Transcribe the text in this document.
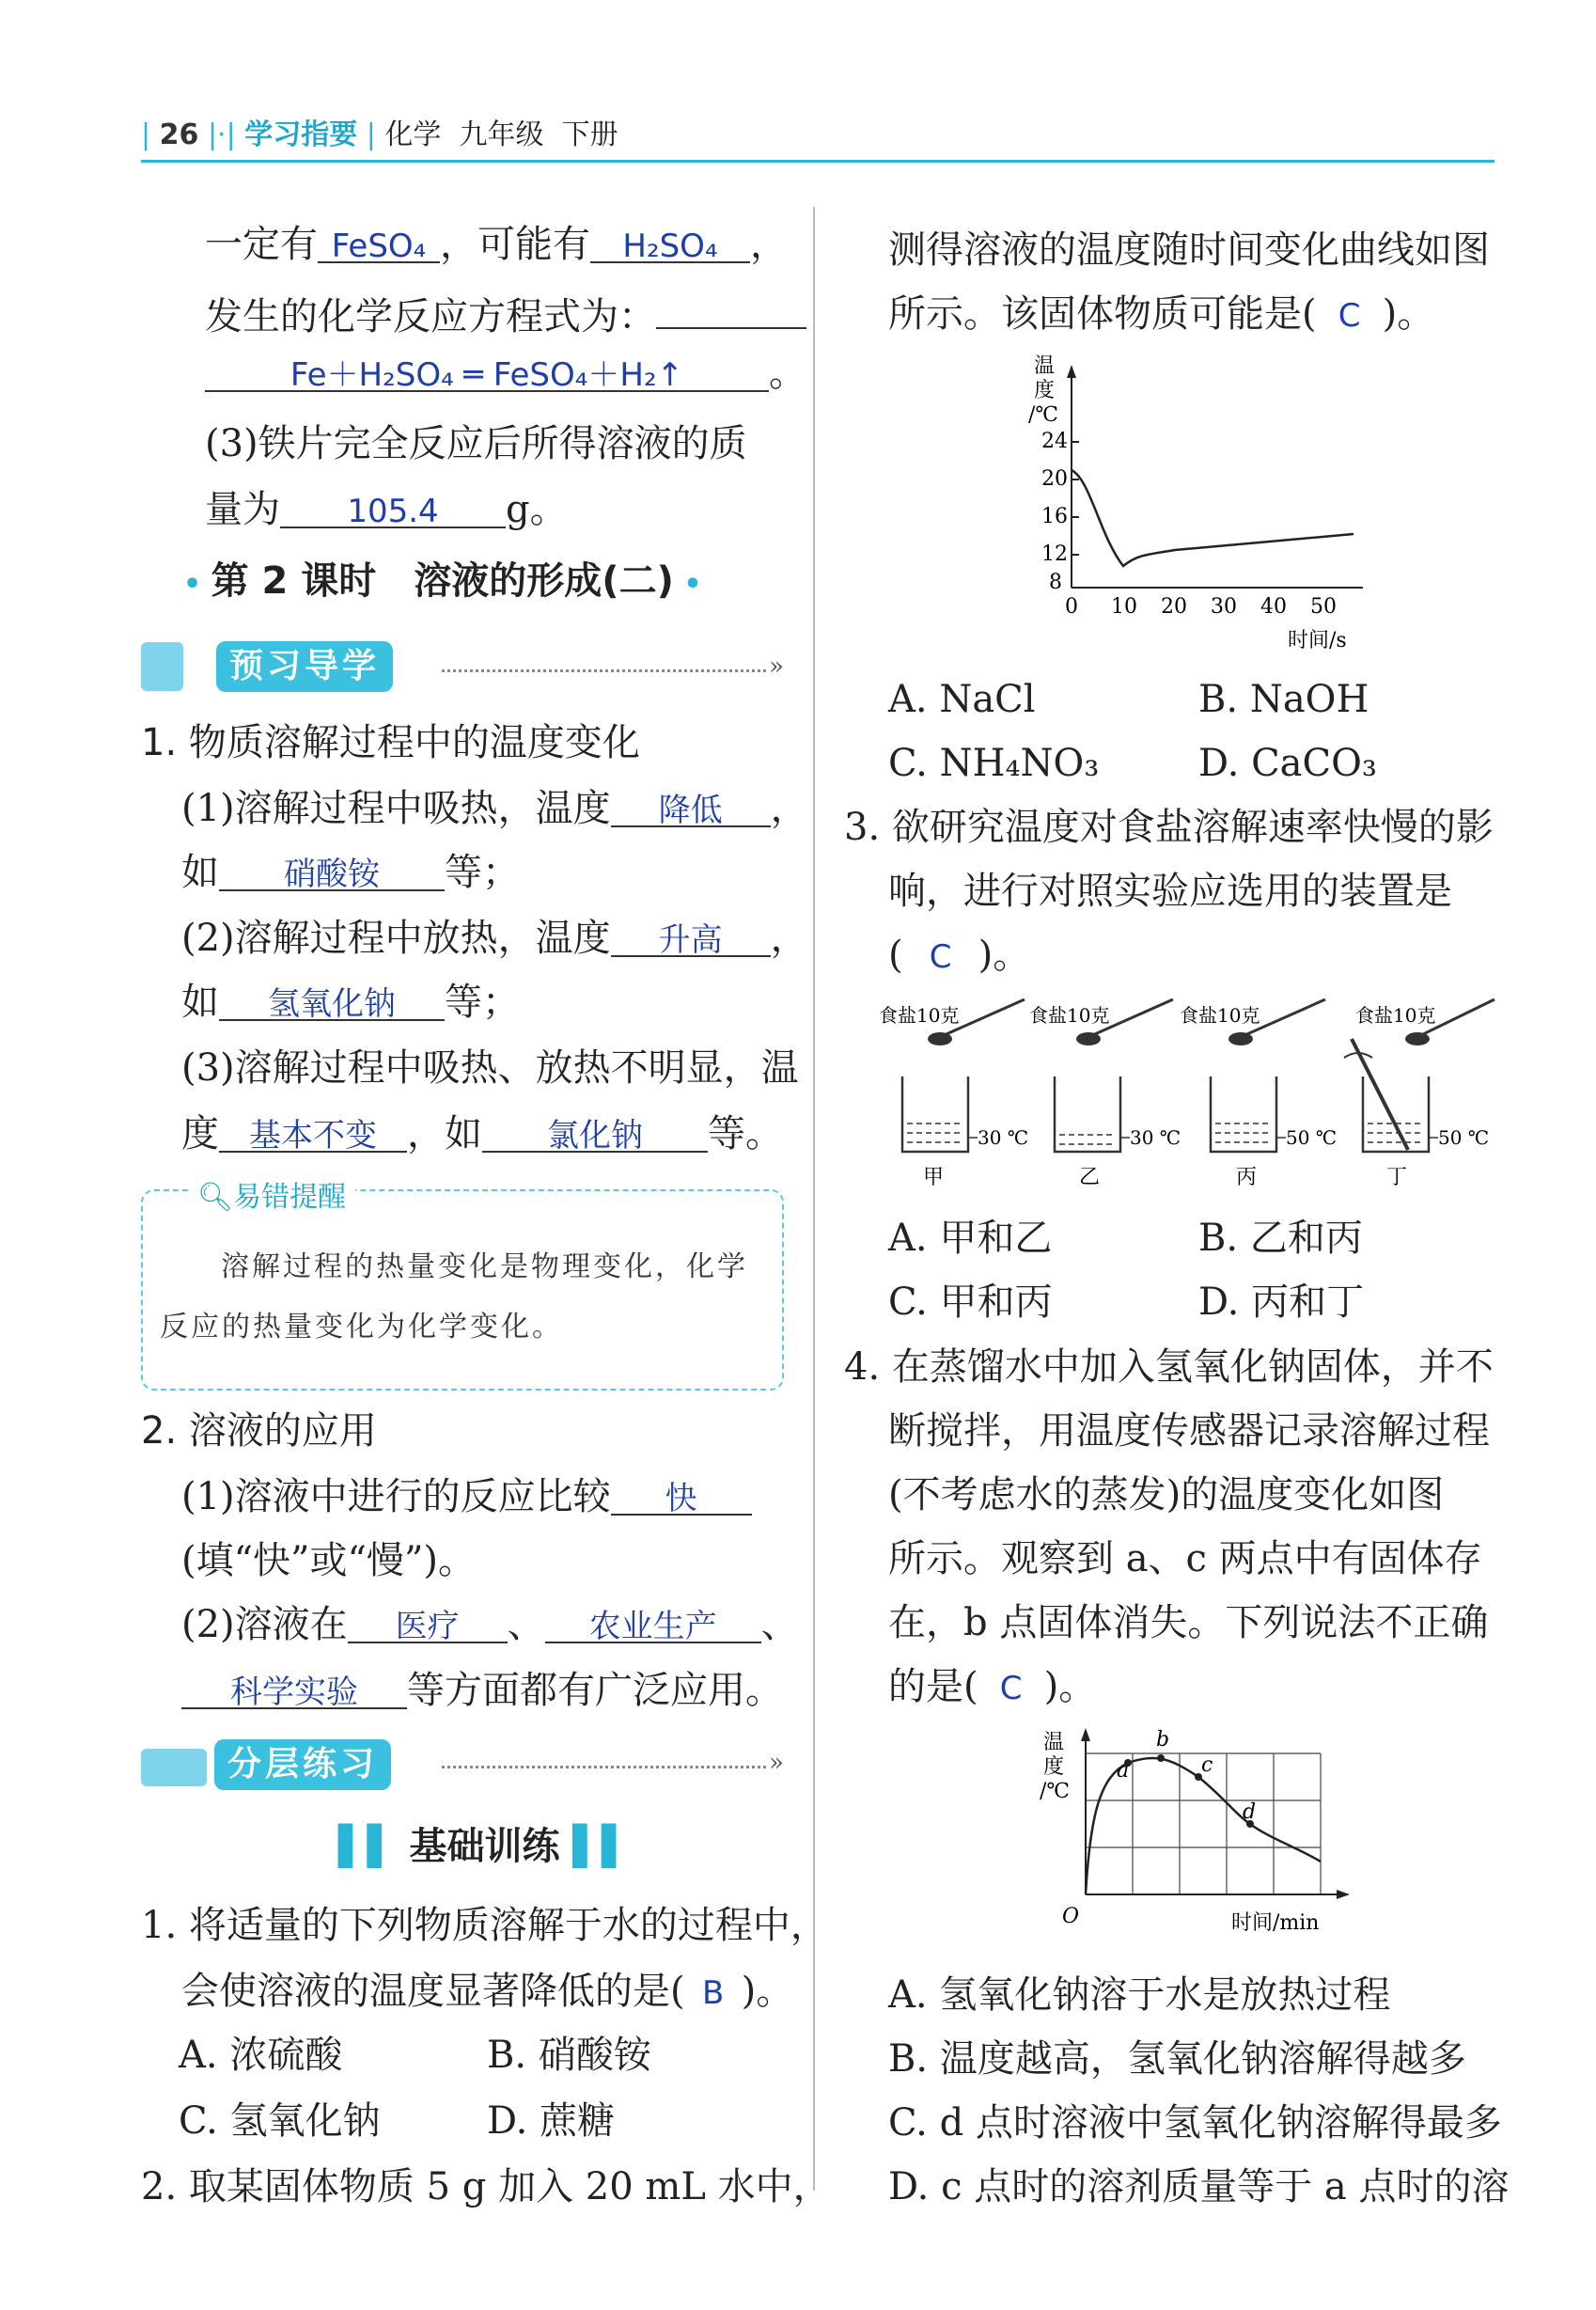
| 26 |·| 学习指要 | 化学 九年级 下册
一定有 FeSO₄ ，可能有 H₂SO₄ ，
发生的化学反应方程式为：
Fe＋H₂SO₄ ═ FeSO₄＋H₂↑ 。
(3)铁片完全反应后所得溶液的质
量为 105.4 g。
• 第 2 课时　溶液的形成(二) •
预习导学	»
1. 物质溶解过程中的温度变化
(1)溶解过程中吸热，温度 降低 ，
如 硝酸铵 等；
(2)溶解过程中放热，温度 升高 ，
如 氢氧化钠 等；
(3)溶解过程中吸热、放热不明显，温
度 基本不变 ，如 氯化钠 等。
🔍︎易错提醒
溶解过程的热量变化是物理变化，化学
反应的热量变化为化学变化。
2. 溶液的应用
(1)溶液中进行的反应比较 快
(填“快”或“慢”)。
(2)溶液在 医疗 、 农业生产 、
科学实验 等方面都有广泛应用。
分层练习	»
▌▌ 基础训练 ▌▌
1. 将适量的下列物质溶解于水的过程中，
会使溶液的温度显著降低的是( B )。
A. 浓硫酸	B. 硝酸铵
C. 氢氧化钠	D. 蔗糖
2. 取某固体物质 5 g 加入 20 mL 水中，
测得溶液的温度随时间变化曲线如图
所示。该固体物质可能是( C )。
温
度
/℃
24
20
16
12
8
0 10 20 30 40 50
时间/s
A. NaCl	B. NaOH
C. NH₄NO₃	D. CaCO₃
3. 欲研究温度对食盐溶解速率快慢的影
响，进行对照实验应选用的装置是
( C )。
食盐10克
30 ℃
甲
食盐10克
30 ℃
乙
食盐10克
50 ℃
丙
食盐10克
50 ℃
丁
A. 甲和乙	B. 乙和丙
C. 甲和丙	D. 丙和丁
4. 在蒸馏水中加入氢氧化钠固体，并不
断搅拌，用温度传感器记录溶解过程
(不考虑水的蒸发)的温度变化如图
所示。观察到 a、c 两点中有固体存
在，b 点固体消失。下列说法不正确
的是( C )。
温
度
/℃
a
b
c
d
O	时间/min
A. 氢氧化钠溶于水是放热过程
B. 温度越高，氢氧化钠溶解得越多
C. d 点时溶液中氢氧化钠溶解得最多
D. c 点时的溶剂质量等于 a 点时的溶
